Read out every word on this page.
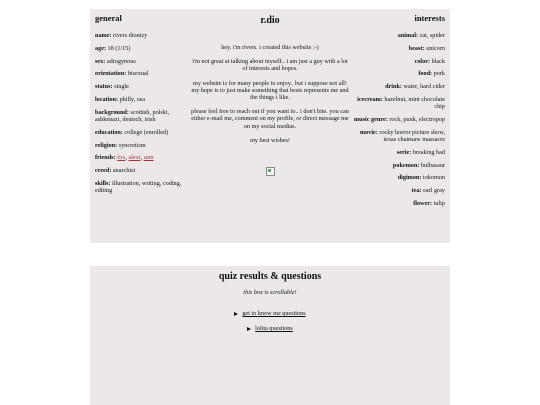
general
name: rivers dionizy
age: 18 (1/15)
sex: adrogynous
orientation: bisexual
status: single
location: philly, usa
background: scottish, polski, ashkenazi, deutsch, irish
education: college (enrolled)
religion: syncretism
friends: fox, alexi, sam
creed: anarchist
skills: illustration, writing, coding, editing
r.dio
hey. i'm rivers. i created this website :-)
i'm not great at talking about myself.. i am just a guy with a lot of interests and hopes.
my website is for many people to enjoy.. but i suppose not all! my hope is to just make something that bests represents me and the things i like.
please feel free to reach out if you want to.. i don't bite. you can either e-mail me, comment on my profile, or direct message me on my social medias.
my best wishes!
interests
animal: cat, spider
beast: unicorn
color: black
food: pork
drink: water, hard cider
icecream: hazelnut, mint chocolate chip
music genre: rock, punk, electropop
movie: rocky horror picture show, texas chainsaw massacre
serie: breaking bad
pokemon: bulbasaur
digimon: tokomon
tea: earl gray
flower: tulip
quiz results & questions
this box is scrollable!
get to know me questions
lolita questions
